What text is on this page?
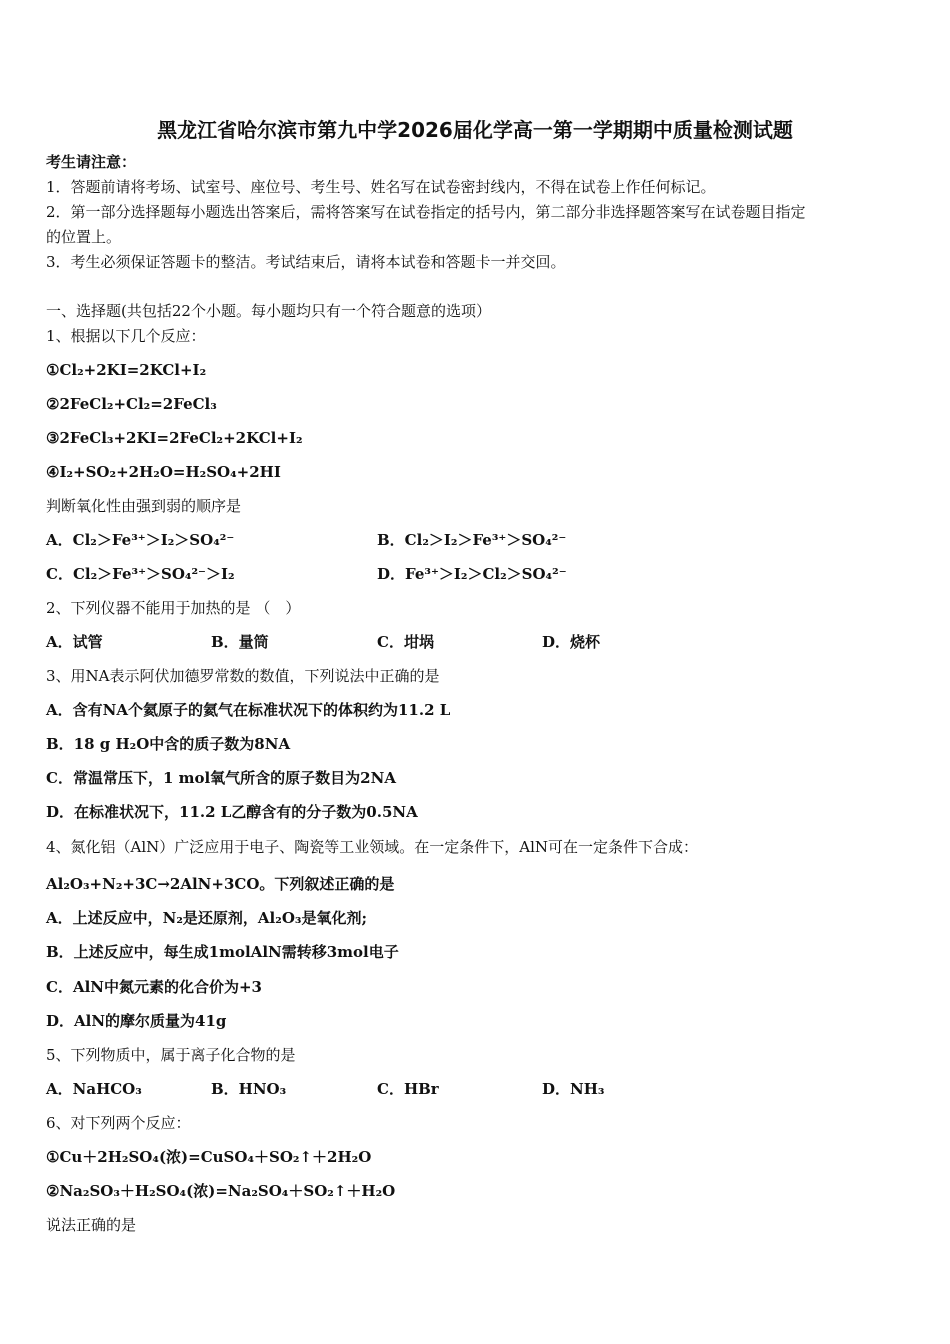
黑龙江省哈尔滨市第九中学2026届化学高一第一学期期中质量检测试题
考生请注意：
1．答题前请将考场、试室号、座位号、考生号、姓名写在试卷密封线内，不得在试卷上作任何标记。
2．第一部分选择题每小题选出答案后，需将答案写在试卷指定的括号内，第二部分非选择题答案写在试卷题目指定
的位置上。
3．考生必须保证答题卡的整洁。考试结束后，请将本试卷和答题卡一并交回。
一、选择题(共包括22个小题。每小题均只有一个符合题意的选项）
1、根据以下几个反应：
①Cl₂+2KI=2KCl+I₂
②2FeCl₂+Cl₂=2FeCl₃
③2FeCl₃+2KI=2FeCl₂+2KCl+I₂
④I₂+SO₂+2H₂O=H₂SO₄+2HI
判断氧化性由强到弱的顺序是
A．Cl₂＞Fe³⁺＞I₂＞SO₄²⁻	B．Cl₂＞I₂＞Fe³⁺＞SO₄²⁻
C．Cl₂＞Fe³⁺＞SO₄²⁻＞I₂	D．Fe³⁺＞I₂＞Cl₂＞SO₄²⁻
2、下列仪器不能用于加热的是 （　）
A．试管	B．量筒	C．坩埚	D．烧杯
3、用NA表示阿伏加德罗常数的数值，下列说法中正确的是
A．含有NA个氦原子的氦气在标准状况下的体积约为11.2 L
B．18 g H₂O中含的质子数为8NA
C．常温常压下，1 mol氧气所含的原子数目为2NA
D．在标准状况下，11.2 L乙醇含有的分子数为0.5NA
4、氮化铝（AlN）广泛应用于电子、陶瓷等工业领域。在一定条件下，AlN可在一定条件下合成：
Al₂O₃+N₂+3C→2AlN+3CO。下列叙述正确的是
A．上述反应中，N₂是还原剂，Al₂O₃是氧化剂;
B．上述反应中，每生成1molAlN需转移3mol电子
C．AlN中氮元素的化合价为+3
D．AlN的摩尔质量为41g
5、下列物质中，属于离子化合物的是
A．NaHCO₃	B．HNO₃	C．HBr	D．NH₃
6、对下列两个反应：
①Cu＋2H₂SO₄(浓)=CuSO₄＋SO₂↑＋2H₂O
②Na₂SO₃＋H₂SO₄(浓)=Na₂SO₄＋SO₂↑＋H₂O
说法正确的是
